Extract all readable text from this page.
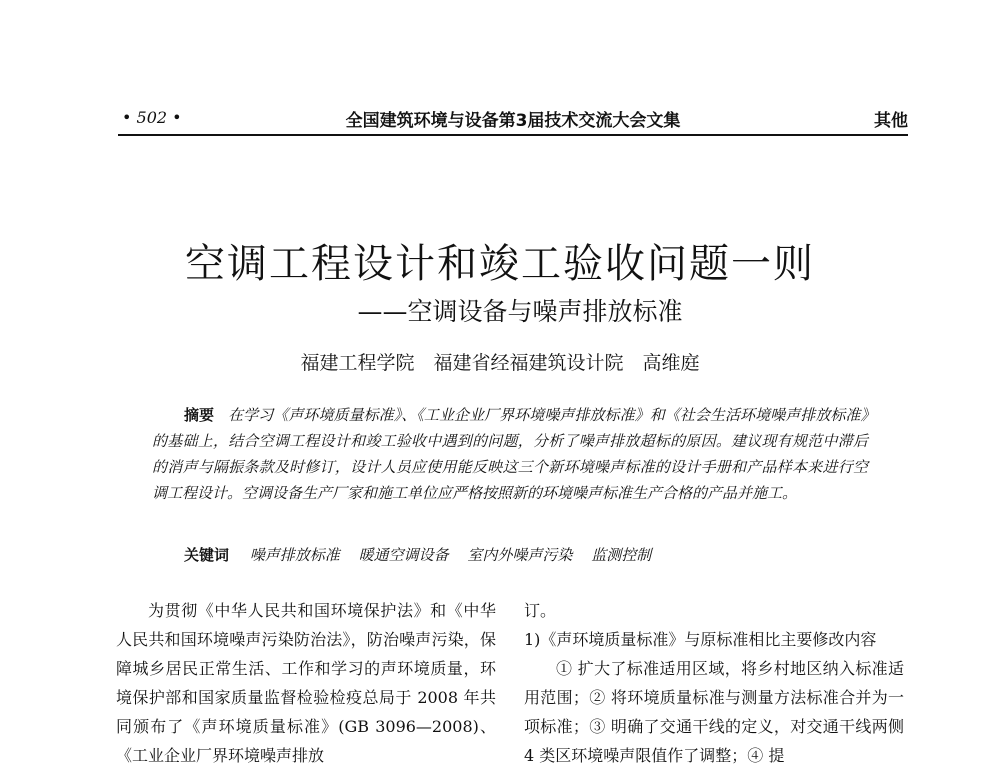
• 502 •	全国建筑环境与设备第3届技术交流大会文集	其他
空调工程设计和竣工验收问题一则
——空调设备与噪声排放标准
福建工程学院　福建省经福建筑设计院　高维庭
摘要 在学习《声环境质量标准》、《工业企业厂界环境噪声排放标准》和《社会生活环境噪声排放标准》的基础上，结合空调工程设计和竣工验收中遇到的问题，分析了噪声排放超标的原因。建议现有规范中滞后的消声与隔振条款及时修订，设计人员应使用能反映这三个新环境噪声标准的设计手册和产品样本来进行空调工程设计。空调设备生产厂家和施工单位应严格按照新的环境噪声标准生产合格的产品并施工。
关键词 噪声排放标准 暖通空调设备 室内外噪声污染 监测控制

为贯彻《中华人民共和国环境保护法》和《中华人民共和国环境噪声污染防治法》，防治噪声污染，保障城乡居民正常生活、工作和学习的声环境质量，环境保护部和国家质量监督检验检疫总局于 2008 年共同颁布了《声环境质量标准》(GB 3096—2008)、《工业企业厂界环境噪声排放

订。

1)《声环境质量标准》与原标准相比主要修改内容

① 扩大了标准适用区域，将乡村地区纳入标准适用范围；② 将环境质量标准与测量方法标准合并为一项标准；③ 明确了交通干线的定义，对交通干线两侧 4 类区环境噪声限值作了调整；④ 提
